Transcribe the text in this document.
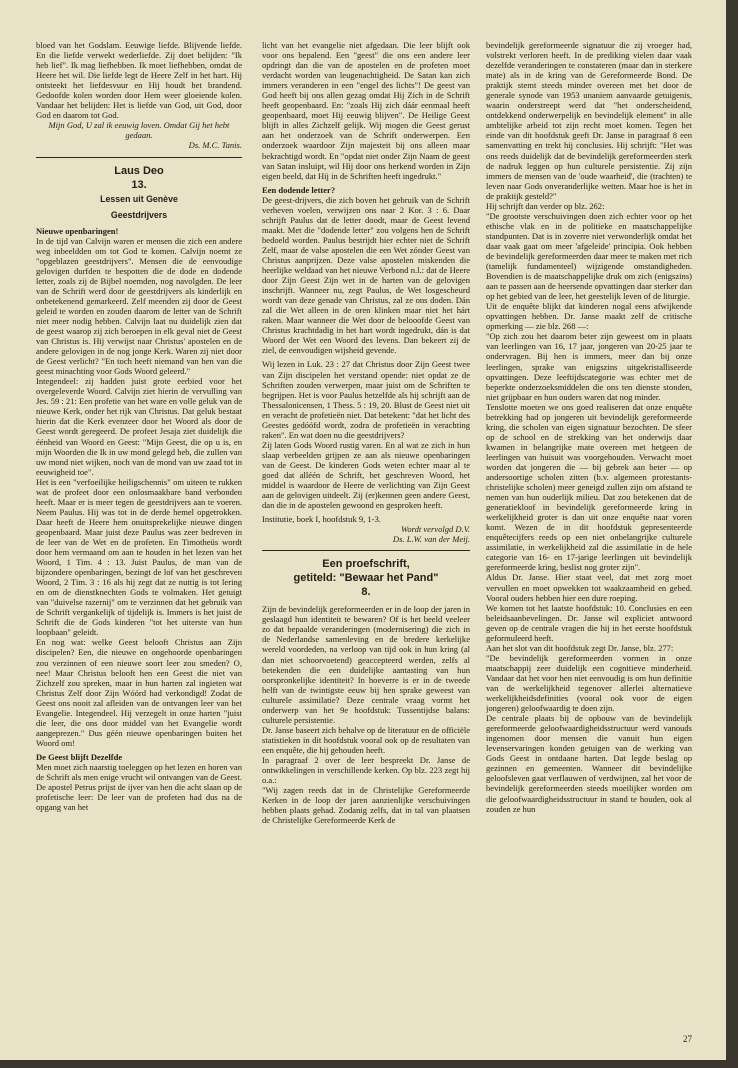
bloed van het Godslam. Eeuwige liefde. Blijvende liefde. En die liefde verwekt wederliefde. Zij doet belijden: "Ik heb lief". Ik mag liefhebben. Ik moet liefhebben, omdat de Heere het wil. Die liefde legt de Heere Zelf in het hart. Hij ontsteekt het liefdesvuur en Hij houdt het brandend. Gedoofde kolen worden door Hem weer gloeiende kolen. Vandaar het belijden: Het is liefde van God, uit God, door God en daarom tot God.

Mijn God, U zal ik eeuwig loven. Omdat Gij het hebt gedaan.

Ds. M.C. Tanis.

Laus Deo
13.
Lessen uit Genève
Geestdrijvers

Nieuwe openbaringen!

In de tijd van Calvijn waren er mensen die zich een andere weg inbeeldden om tot God te komen. Calvijn noemt ze "opgeblazen geestdrijvers". Mensen die de eenvoudige gelovigen durfden te bespotten die de dode en dodende letter, zoals zij de Bijbel noemden, nog navolgden. De leer van de Schrift werd door de geestdrijvers als kinderlijk en onbetekenend gemarkeerd. Zelf meenden zij door de Geest geleid te worden en zouden daarom de letter van de Schrift niet meer nodig hebben. Calvijn laat nu duidelijk zien dat de geest waarop zij zich beroepen in elk geval niet de Geest van Christus is. Hij verwijst naar Christus' apostelen en de andere gelovigen in de nog jonge Kerk. Waren zij niet door de Geest verlicht? "En toch heeft niemand van hen van die geest minachting voor Gods Woord geleerd."

Integendeel: zij hadden juist grote eerbied voor het overgeleverde Woord. Calvijn ziet hierin de vervulling van Jes. 59 : 21: Een profetie van het ware en volle geluk van de nieuwe Kerk, onder het rijk van Christus. Dat geluk bestaat hierin dat die Kerk evenzeer door het Woord als door de Geest wordt geregeerd. De profeet Jesaja ziet duidelijk die éénheid van Woord en Geest: "Mijn Geest, die op u is, en mijn Woorden die Ik in uw mond gelegd heb, die zullen van uw mond niet wijken, noch van de mond van uw zaad tot in eeuwigheid toe".

Het is een "verfoeilijke heiligschennis" om uiteen te rukken wat de profeet door een onlosmaakbare band verbonden heeft. Maar er is meer tegen de geestdrijvers aan te voeren. Neem Paulus. Hij was tot in de derde hemel opgetrokken. Daar heeft de Heere hem onuitsprekelijke nieuwe dingen geopenbaard. Maar juist deze Paulus was zeer bedreven in de leer van de Wet en de profeten. En Timotheüs wordt door hem vermaand om aan te houden in het lezen van het Woord, 1 Tim. 4 : 13. Juist Paulus, de man van de bijzondere openbaringen, bezingt de lof van het geschreven Woord, 2 Tim. 3 : 16 als hij zegt dat ze nuttig is tot lering en om de dienstknechten Gods te volmaken. Het getuigt van "duivelse razernij" om te verzinnen dat het gebruik van de Schrift vergankelijk of tijdelijk is. Immers is het juist de Schrift die de Gods kinderen "tot het uiterste van hun loopbaan" geleidt.

En nog wat: welke Geest belooft Christus aan Zijn discipelen? Een, die nieuwe en ongehoorde openbaringen zou verzinnen of een nieuwe soort leer zou smeden? O, nee! Maar Christus belooft hen een Geest die niet van Zichzelf zou spreken, maar in hun harten zal ingieten wat Christus Zelf door Zijn Wóórd had verkondigd! Zodat de Geest ons nooit zal afleiden van de ontvangen leer van het Evangelie. Integendeel. Hij verzegelt in onze harten "juist die leer, die ons door middel van het Evangelie wordt aangeprezen." Dus géén nieuwe openbaringen buiten het Woord om!

De Geest blijft Dezelfde

Men moet zich naarstig toeleggen op het lezen en horen van de Schrift als men enige vrucht wil ontvangen van de Geest. De apostel Petrus prijst de ijver van hen die acht slaan op de profetische leer: De leer van de profeten had dus na de opgang van het

licht van het evangelie niet afgedaan. Die leer blijft ook voor ons bepalend. Een "geest" die ons een andere leer opdringt dan die van de apostelen en de profeten moet verdacht worden van leugenachtigheid. De Satan kan zich immers veranderen in een "engel des lichts"! De geest van God heeft bij ons allen gezag omdat Hij Zich in de Schrift heeft geopenbaard. En: "zoals Hij zich dáár eenmaal heeft geopenbaard, moet Hij eeuwig blijven". De Heilige Geest blijft in alles Zichzelf gelijk. Wij mogen die Geest gerust aan het onderzoek van de Schrift onderwerpen. Een onderzoek waardoor Zijn majesteit bij ons alleen maar bekrachtigd wordt. En "opdat niet onder Zijn Naam de geest van Satan insluipt, wil Hij door ons herkend worden in Zijn eigen beeld, dat Hij in de Schriften heeft ingedrukt."

Een dodende letter?

De geest-drijvers, die zich boven het gebruik van de Schrift verheven voelen, verwijzen ons naar 2 Kor. 3 : 6. Daar schrijft Paulus dat de letter doodt, maar de Geest levend maakt. Met die "dodende letter" zou volgens hen de Schrift bedoeld worden. Paulus bestrijdt hier echter niet de Schrift Zelf, maar de valse apostelen die een Wet zónder Geest van Christus aanprijzen. Deze valse apostelen miskenden die heerlijke weldaad van het nieuwe Verbond n.l.: dat de Heere door Zijn Geest Zijn wet in de harten van de gelovigen inschrijft. Wanneer nu, zegt Paulus, de Wet losgescheurd wordt van deze genade van Christus, zal ze ons doden. Dán zal die Wet alleen in de oren klinken maar niet het hárt raken. Maar wanneer die Wet door de belooofde Geest van Christus krachtdadig in het hart wordt ingedrukt, dán is dat Woord der Wet een Woord des levens. Dan bekeert zij de ziel, de eenvoudigen wijsheid gevende.

Wij lezen in Luk. 23 : 27 dat Christus door Zijn Geest twee van Zijn discipelen het verstand opende: niet opdat ze de Schriften zouden verwerpen, maar juist om de Schriften te begrijpen. Het is voor Paulus hetzelfde als hij schrijft aan de Thessalonicensen, 1 Thess. 5 : 19, 20. Blust de Geest niet uit en veracht de profetieën niet. Dat betekent: "dat het licht des Geestes gedóófd wordt, zodra de profetieën in verachting raken". En wat doen nu die geestdrijvers?

Zij laten Gods Woord rustig varen. En al wat ze zich in hun slaap verbeelden grijpen ze aan als nieuwe openbaringen van de Geest. De kinderen Gods weten echter maar al te goed dat alléén de Schrift, het geschreven Woord, het middel is waardoor de Heere de verlichting van Zijn Geest aan de gelovigen uitdeelt. Zij (er)kennen geen andere Geest, dan die in de apostelen gewoond en gesproken heeft.

Institutie, boek I, hoofdstuk 9, 1-3.

Wordt vervolgd D.V.

Ds. L.W. van der Meij.

Een proefschrift,
getiteld: "Bewaar het Pand"
8.

Zijn de bevindelijk gereformeerden er in de loop der jaren in geslaagd hun identiteit te bewaren? Of is het beeld veeleer zo dat bepaalde veranderingen (modernisering) die zich in de Nederlandse samenleving en de bredere kerkelijke wereld voordeden, na verloop van tijd ook in hun kring (al dan niet schoorvoetend) geaccepteerd werden, zelfs al betekenden die een duidelijke aantasting van hun oorspronkelijke identiteit? In hoeverre is er in de tweede helft van de twintigste eeuw bij hen sprake geweest van culturele assimilatie? Deze centrale vraag vormt het onderwerp van het 9e hoofdstuk: Tussentijdse balans: culturele persistentie.

Dr. Janse baseert zich behalve op de literatuur en de officiële statistieken in dit hoofdstuk vooral ook op de resultaten van een enquête, die hij gehouden heeft.

In paragraaf 2 over de leer bespreekt Dr. Janse de ontwikkelingen in verschillende kerken. Op blz. 223 zegt hij o.a.:

"Wij zagen reeds dat in de Christelijke Gereformeerde Kerken in de loop der jaren aanzienlijke verschuivingen hebben plaats gehad. Zodanig zelfs, dat in tal van plaatsen de Christelijke Gereformeerde Kerk de

bevindelijk gereformeerde signatuur die zij vroeger had, volstrekt verloren heeft. In de prediking vielen daar vaak dezelfde veranderingen te constateren (maar dan in sterkere mate) als in de kring van de Gereformeerde Bond. De praktijk stemt steeds minder overeen met het door de generale synode van 1953 unaniem aanvaarde getuigenis, waarin onderstreept werd dat "het onderscheidend, ontdekkend onderwerpelijk en bevindelijk element" in alle ambtelijke arbeid tot zijn recht moet komen. Tegen het einde van dit hoofdstuk geeft Dr. Janse in paragraaf 8 een samenvatting en trekt hij conclusies. Hij schrijft: "Het was ons reeds duidelijk dat de bevindelijk gereformeerden sterk de nadruk leggen op hun culturele persistentie. Zij zijn immers de mensen van de 'oude waarheid', die (trachten) te leven naar Gods onveranderlijke wetten. Maar hoe is het in de praktijk gesteld?"

Hij schrijft dan verder op blz. 262:

"De grootste verschuivingen doen zich echter voor op het ethische vlak en in de politieke en maatschappelijke standpunten. Dat is in zoverre niet verwonderlijk omdat het daar vaak gaat om meer 'afgeleide' principia. Ook hebben de bevindelijk gereformeerden daar meer te maken met rich (tamelijk fundamenteel) wijzigende omstandigheden. Bovendien is de maatschappelijke druk om zich (enigszins) aan te passen aan de heersende opvattingen daar sterker dan op het gebied van de leer, het geestelijk leven of de liturgie.

Uit de enquête blijkt dat kinderen nogal eens afwijkende opvattingen hebben. Dr. Janse maakt zelf de critische opmerking — zie blz. 268 —:

"Op zich zou het daarom beter zijn geweest om in plaats van leerlingen van 16, 17 jaar, jongeren van 20-25 jaar te ondervragen. Bij hen is immers, meer dan bij onze leerlingen, sprake van enigszins uitgekristalliseerde opvattingen. Deze leeftijdscategorie was echter met de beperkte onderzoeksmiddelen die ons ten dienste stonden, niet grijpbaar en hun ouders waren dat nog minder.

Tenslotte moeten we ons goed realiseren dat onze enquête betrekking had op jongeren uit bevindelijk gereformeerde kring, die scholen van eigen signatuur bezochten. De sfeer op de school en de strekking van het onderwijs daar kwamen in belangrijke mate overeen met hetgeen de leerlingen van huisuit was voorgehouden. Verwacht moet worden dat jongeren die — bij gebrek aan beter — op andersoortige scholen zitten (b.v. algemeen protestants-christelijke scholen) meer geneigd zullen zijn om afstand te nemen van hun ouderlijk milieu. Dat zou betekenen dat de generatiekloof in bevindelijk gereformeerde kring in werkelijkheid groter is dan uit onze enquête naar voren komt. Wezen de in dit hoofdstuk gepresenteerde enquêtecijfers reeds op een niet onbelangrijke culturele assimilatie, in werkelijkheid zal die assimilatie in de hele categorie van 16- en 17-jarige leerlingen uit bevindelijk gereformeerde kring, beslist nog groter zijn".

Aldus Dr. Janse. Hier staat veel, dat met zorg moet vervullen en moet opwekken tot waakzaamheid en gebed. Vooral ouders hebben hier een dure roeping.

We komen tot het laatste hoofdstuk: 10. Conclusies en een beleidsaanbevelingen. Dr. Janse wil expliciet antwoord geven op de centrale vragen die hij in het eerste hoofdstuk geformuleerd heeft.

Aan het slot van dit hoofdstuk zegt Dr. Janse, blz. 277:

"De bevindelijk gereformeerden vormen in onze maatschappij zeer duidelijk een cognitieve minderheid. Vandaar dat het voor hen niet eenvoudig is om hun definitie van de werkelijkheid tegenover allerlei alternatieve werkelijkheidsdefinities (vooral ook voor de eigen jongeren) geloofwaardig te doen zijn.

De centrale plaats bij de opbouw van de bevindelijk gereformeerde geloofwaardigheidsstructuur werd vanouds ingenomen door mensen die vanuit hun eigen levenservaringen konden getuigen van de werking van Gods Geest in ontdaane harten. Dat legde beslag op gezinnen en gemeenten. Wanneer dit bevindelijke geloofsleven gaat verflauwen of verdwijnen, zal het voor de bevindelijk gereformeerden steeds moeilijker worden om die geloofwaardigheidsstructuur in stand te houden, ook al zouden ze hun

27
